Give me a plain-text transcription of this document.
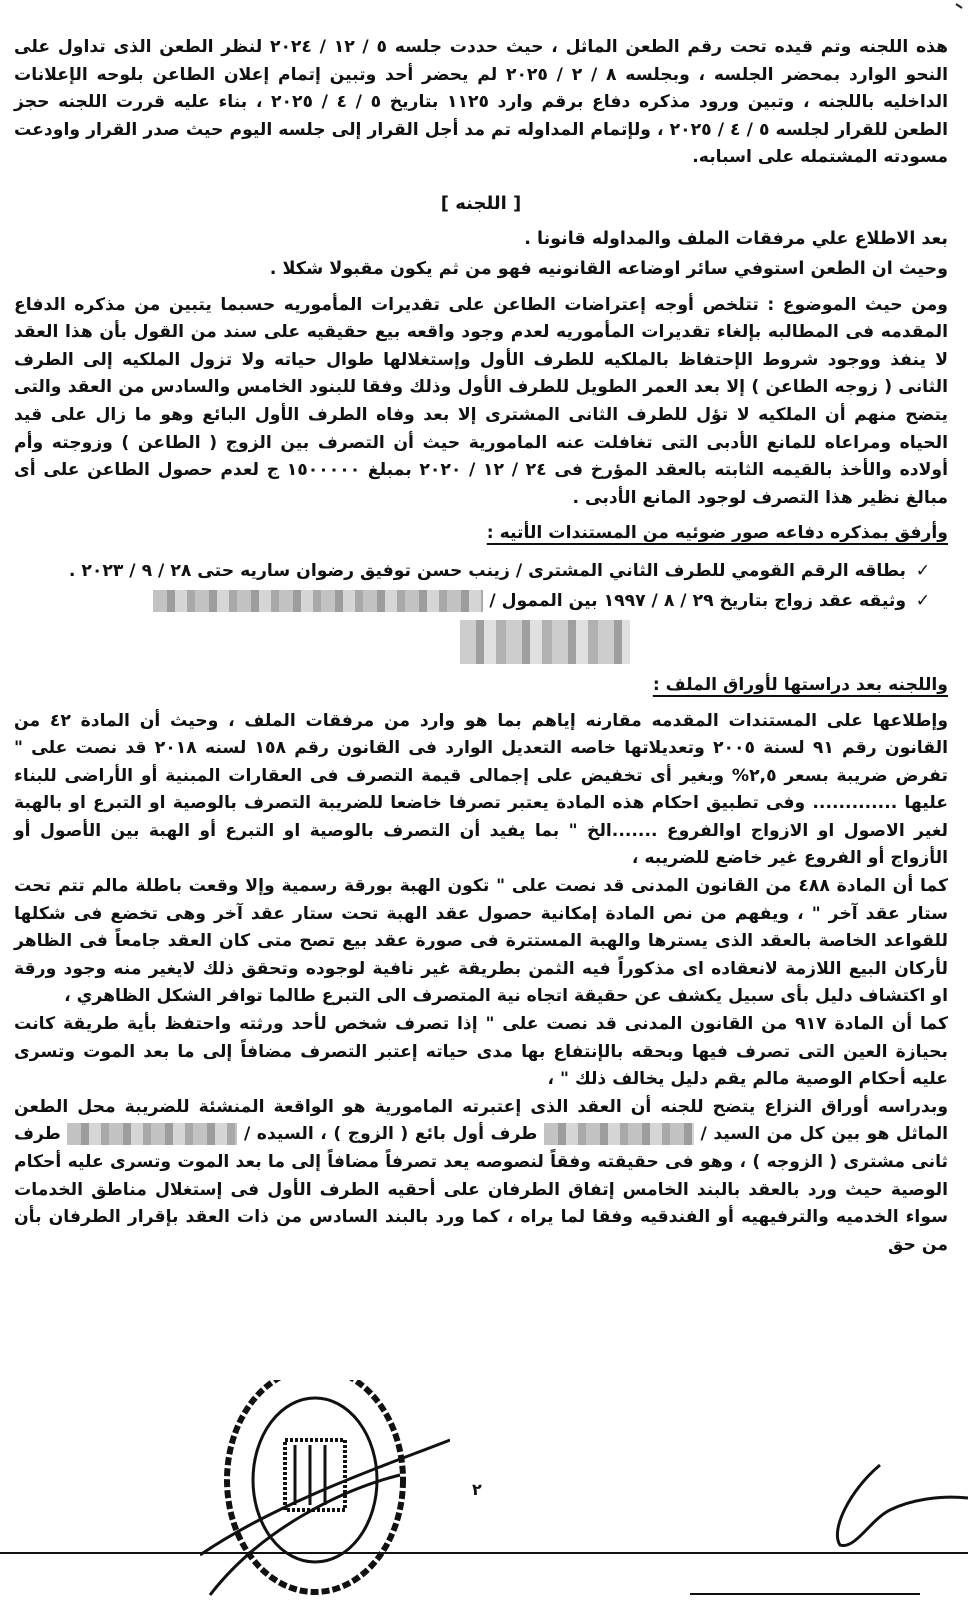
هذه اللجنه وتم قيده تحت رقم الطعن الماثل ، حيث حددت جلسه ٥ / ١٢ / ٢٠٢٤ لنظر الطعن الذى تداول على النحو الوارد بمحضر الجلسه ، وبجلسه ٨ / ٢ / ٢٠٢٥ لم يحضر أحد وتبين إتمام إعلان الطاعن بلوحه الإعلانات الداخليه باللجنه ، وتبين ورود مذكره دفاع برقم وارد ١١٢٥ بتاريخ ٥ / ٤ / ٢٠٢٥ ، بناء عليه قررت اللجنه حجز الطعن للقرار لجلسه ٥ / ٤ / ٢٠٢٥ ، ولإتمام المداوله تم مد أجل القرار إلى جلسه اليوم حيث صدر القرار واودعت مسودته المشتمله على اسبابه.

[ اللجنه ]

بعد الاطلاع علي مرفقات الملف والمداوله قانونا .

وحيث ان الطعن استوفي سائر اوضاعه القانونيه فهو من ثم يكون مقبولا شكلا .

ومن حيث الموضوع : تتلخص أوجه إعتراضات الطاعن على تقديرات المأموريه حسبما يتبين من مذكره الدفاع المقدمه فى المطالبه بإلغاء تقديرات المأموريه لعدم وجود واقعه بيع حقيقيه على سند من القول بأن هذا العقد لا ينفذ ووجود شروط الإحتفاظ بالملكيه للطرف الأول وإستغلالها طوال حياته ولا تزول الملكيه إلى الطرف الثانى ( زوجه الطاعن ) إلا بعد العمر الطويل للطرف الأول وذلك وفقا للبنود الخامس والسادس من العقد والتى يتضح منهم أن الملكيه لا تؤل للطرف الثانى المشترى إلا بعد وفاه الطرف الأول البائع وهو ما زال على قيد الحياه ومراعاه للمانع الأدبى التى تغافلت عنه المامورية حيث أن التصرف بين الزوج ( الطاعن ) وزوجته وأم أولاده والأخذ بالقيمه الثابته بالعقد المؤرخ فى ٢٤ / ١٢ / ٢٠٢٠ بمبلغ ١٥٠٠٠٠٠ ج لعدم حصول الطاعن على أى مبالغ نظير هذا التصرف لوجود المانع الأدبى .

وأرفق بمذكره دفاعه صور ضوئيه من المستندات الأتيه :

✓بطاقه الرقم القومي للطرف الثاني المشترى / زينب حسن توفيق رضوان ساريه حتى ٢٨ / ٩ / ٢٠٢٣ .
✓وثيقه عقد زواج بتاريخ ٢٩ / ٨ / ١٩٩٧ بين الممول /

واللجنه بعد دراستها لأوراق الملف :

وإطلاعها على المستندات المقدمه مقارنه إياهم بما هو وارد من مرفقات الملف ، وحيث أن المادة ٤٢ من القانون رقم ٩١ لسنة ٢٠٠٥ وتعديلاتها خاصه التعديل الوارد فى القانون رقم ١٥٨ لسنه ٢٠١٨ قد نصت على " تفرض ضريبة بسعر ٢,٥% وبغير أى تخفيض على إجمالى قيمة التصرف فى العقارات المبنية أو الأراضى للبناء عليها ............. وفى تطبيق احكام هذه المادة يعتبر تصرفا خاضعا للضريبة التصرف بالوصية او التبرع او بالهبة لغير الاصول او الازواج اوالفروع .......الخ " بما يفيد أن التصرف بالوصية او التبرع أو الهبة بين الأصول أو الأزواج أو الفروع غير خاضع للضريبه ،

كما أن المادة ٤٨٨ من القانون المدنى قد نصت على " تكون الهبة بورقة رسمية وإلا وقعت باطلة مالم تتم تحت ستار عقد آخر " ، ويفهم من نص المادة إمكانية حصول عقد الهبة تحت ستار عقد آخر وهى تخضع فى شكلها للقواعد الخاصة بالعقد الذى يسترها والهبة المستترة فى صورة عقد بيع تصح متى كان العقد جامعاً فى الظاهر لأركان البيع اللازمة لانعقاده اى مذكوراً فيه الثمن بطريقة غير نافية لوجوده وتحقق ذلك لايغير منه وجود ورقة او اكتشاف دليل بأى سبيل يكشف عن حقيقة اتجاه نية المتصرف الى التبرع طالما توافر الشكل الظاهري ،

كما أن المادة ٩١٧ من القانون المدنى قد نصت على " إذا تصرف شخص لأحد ورثته واحتفظ بأية طريقة كانت بحيازة العين التى تصرف فيها وبحقه بالإنتفاع بها مدى حياته إعتبر التصرف مضافاً إلى ما بعد الموت وتسرى عليه أحكام الوصية مالم يقم دليل يخالف ذلك " ،

وبدراسه أوراق النزاع يتضح للجنه أن العقد الذى إعتبرته المامورية هو الواقعة المنشئة للضريبة محل الطعن الماثل هو بين كل من السيد /  طرف أول بائع ( الزوج ) ، السيده /  طرف ثانى مشترى ( الزوجه ) ، وهو فى حقيقته وفقاً لنصوصه يعد تصرفاً مضافاً إلى ما بعد الموت وتسرى عليه أحكام الوصية حيث ورد بالعقد بالبند الخامس إتفاق الطرفان على أحقيه الطرف الأول فى إستغلال مناطق الخدمات سواء الخدميه والترفيهيه أو الفندقيه وفقا لما يراه ، كما ورد بالبند السادس من ذات العقد بإقرار الطرفان بأن من حق

٢
